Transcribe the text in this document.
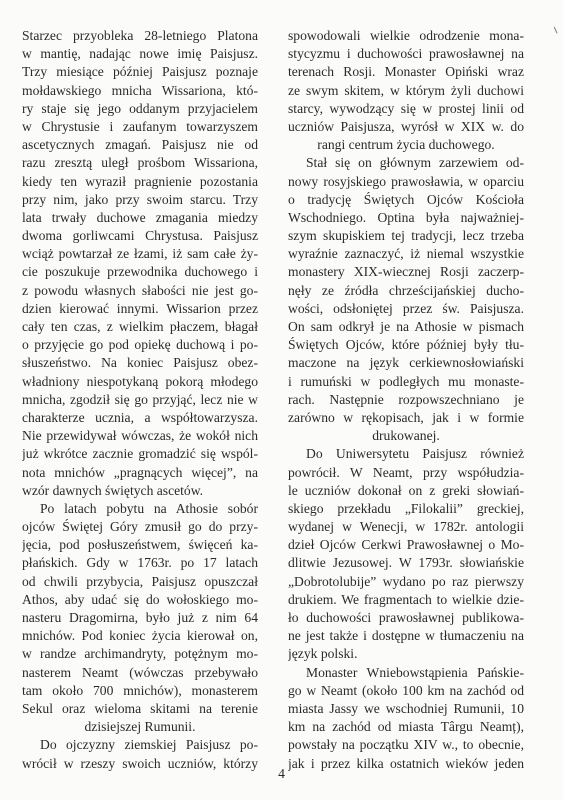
Starzec przyobleka 28-letniego Platona
w mantię, nadając nowe imię Paisjusz.
Trzy miesiące później Paisjusz poznaje
mołdawskiego mnicha Wissariona, któ-
ry staje się jego oddanym przyjacielem
w Chrystusie i zaufanym towarzyszem
ascetycznych zmagań. Paisjusz nie od
razu zresztą uległ prośbom Wissariona,
kiedy ten wyraził pragnienie pozostania
przy nim, jako przy swoim starcu. Trzy
lata trwały duchowe zmagania miedzy
dwoma gorliwcami Chrystusa. Paisjusz
wciąż powtarzał ze łzami, iż sam całe ży-
cie poszukuje przewodnika duchowego i
z powodu własnych słabości nie jest go-
dzien kierować innymi. Wissarion przez
cały ten czas, z wielkim płaczem, błagał
o przyjęcie go pod opiekę duchową i po-
słuszeństwo. Na koniec Paisjusz obez-
władniony niespotykaną pokorą młodego
mnicha, zgodził się go przyjąć, lecz nie w
charakterze ucznia, a współtowarzysza.
Nie przewidywał wówczas, że wokół nich
już wkrótce zacznie gromadzić się wspól-
nota mnichów „pragnących więcej”, na
wzór dawnych świętych ascetów.
Po latach pobytu na Athosie sobór
ojców Świętej Góry zmusił go do przy-
jęcia, pod posłuszeństwem, święceń ka-
płańskich. Gdy w 1763r. po 17 latach
od chwili przybycia, Paisjusz opuszczał
Athos, aby udać się do wołoskiego mo-
nasteru Dragomirna, było już z nim 64
mnichów. Pod koniec życia kierował on,
w randze archimandryty, potężnym mo-
nasterem Neamt (wówczas przebywało
tam około 700 mnichów), monasterem
Sekul oraz wieloma skitami na terenie
dzisiejszej Rumunii.
Do ojczyzny ziemskiej Paisjusz po-
wrócił w rzeszy swoich uczniów, którzy
spowodowali wielkie odrodzenie mona-
stycyzmu i duchowości prawosławnej na
terenach Rosji. Monaster Opiński wraz
ze swym skitem, w którym żyli duchowi
starcy, wywodzący się w prostej linii od
uczniów Paisjusza, wyrósł w XIX w. do
rangi centrum życia duchowego.
Stał się on głównym zarzewiem od-
nowy rosyjskiego prawosławia, w oparciu
o tradycję Świętych Ojców Kościoła
Wschodniego. Optina była najważniej-
szym skupiskiem tej tradycji, lecz trzeba
wyraźnie zaznaczyć, iż niemal wszystkie
monastery XIX-wiecznej Rosji zaczerp-
nęły ze źródła chrześcijańskiej ducho-
wości, odsłoniętej przez św. Paisjusza.
On sam odkrył je na Athosie w pismach
Świętych Ojców, które później były tłu-
maczone na język cerkiewnosłowiański
i rumuński w podległych mu monaste-
rach. Następnie rozpowszechniano je
zarówno w rękopisach, jak i w formie
drukowanej.
Do Uniwersytetu Paisjusz również
powrócił. W Neamt, przy współudzia-
le uczniów dokonał on z greki słowiań-
skiego przekładu „Filokalii” greckiej,
wydanej w Wenecji, w 1782r. antologii
dzieł Ojców Cerkwi Prawosławnej o Mo-
dlitwie Jezusowej. W 1793r. słowiańskie
„Dobrotolubije” wydano po raz pierwszy
drukiem. We fragmentach to wielkie dzie-
ło duchowości prawosławnej publikowa-
ne jest także i dostępne w tłumaczeniu na
język polski.
Monaster Wniebowstąpienia Pańskie-
go w Neamt (około 100 km na zachód od
miasta Jassy we wschodniej Rumunii, 10
km na zachód od miasta Târgu Neamț),
powstały na początku XIV w., to obecnie,
jak i przez kilka ostatnich wieków jeden
4
